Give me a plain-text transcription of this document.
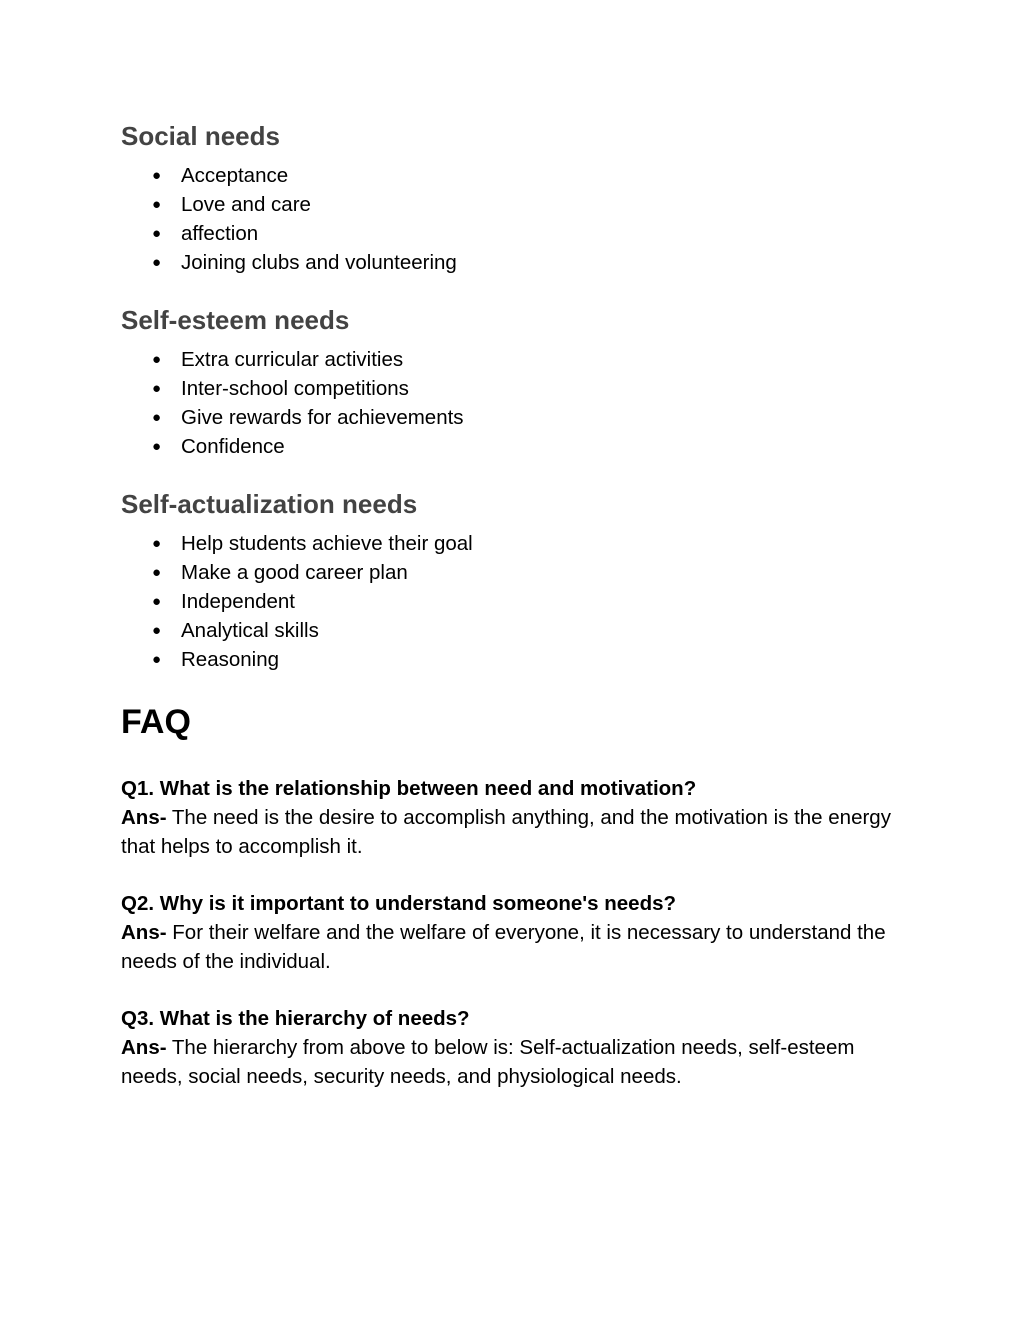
Social needs
● Acceptance
● Love and care
● affection
● Joining clubs and volunteering
Self-esteem needs
● Extra curricular activities
● Inter-school competitions
● Give rewards for achievements
● Confidence
Self-actualization needs
● Help students achieve their goal
● Make a good career plan
● Independent
● Analytical skills
● Reasoning
FAQ

Q1. What is the relationship between need and motivation?

Ans- The need is the desire to accomplish anything, and the motivation is the energy that helps to accomplish it.

Q2. Why is it important to understand someone's needs?

Ans- For their welfare and the welfare of everyone, it is necessary to understand the needs of the individual.

Q3. What is the hierarchy of needs?

Ans- The hierarchy from above to below is: Self-actualization needs, self-esteem needs, social needs, security needs, and physiological needs.
